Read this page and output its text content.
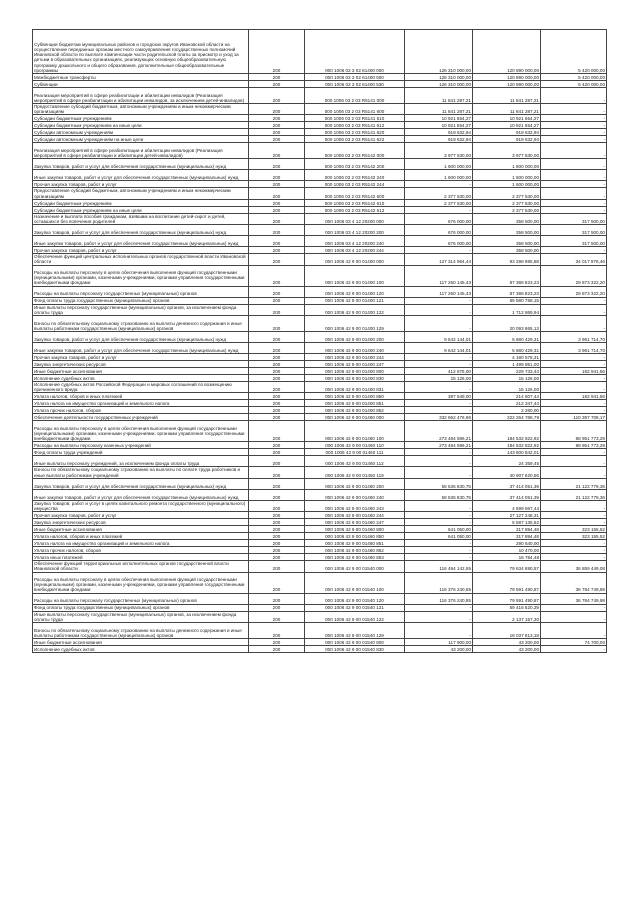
Субвенции бюджетам муниципальных районов и городских округов Ивановской области на осуществление переданных органам местного самоуправления государственных полномочий Ивановской области по выплате компенсации части родительской платы за присмотр и уход за детьми в образовательных организациях, реализующих основную общеобразовательную программу дошкольного и общего образования, дополнительные общеобразовательные программы	200	000 1006 02 3 02 61400 000	126 310 000,00	120 890 000,00	5 420 000,00
Межбюджетные трансферты	200	000 1006 02 3 02 61400 500	126 310 000,00	120 890 000,00	5 420 000,00
Субвенции	200	000 1006 02 3 02 61400 530	126 310 000,00	120 890 000,00	5 420 000,00
Реализация мероприятий в сфере реабилитации и абилитации инвалидов (Реализация мероприятий в сфере реабилитации и абилитации инвалидов, за исключением детей-инвалидов)	200	000 1006 03 2 03 R5141 000	11 841 287,21	11 841 287,21	-
Предоставление субсидий бюджетным, автономным учреждениям и иным некоммерческим организациям	200	000 1006 03 2 03 R5141 600	11 841 287,21	11 841 287,21	-
Субсидии бюджетным учреждениям	200	000 1006 03 2 03 R5141 610	10 921 654,27	10 921 654,27	-
Субсидии бюджетным учреждениям на иные цели	200	000 1006 03 2 03 R5141 612	10 921 654,27	10 921 654,27	-
Субсидии автономным учреждениям	200	000 1006 03 2 03 R5141 620	919 632,94	919 632,94	-
Субсидии автономным учреждениям на иные цели	200	000 1006 03 2 03 R5141 622	919 632,94	919 632,94	-
Реализация мероприятий в сфере реабилитации и абилитации инвалидов (Реализация мероприятий в сфере реабилитации и абилитации детей-инвалидов)	200	000 1006 03 2 03 R5142 000	3 977 530,00	3 977 530,00	-
Закупка товаров, работ и услуг для обеспечения государственных (муниципальных) нужд	200	000 1006 03 2 03 R5142 200	1 600 000,00	1 600 000,00	-
Иные закупки товаров, работ и услуг для обеспечения государственных (муниципальных) нужд	200	000 1006 03 2 03 R5142 240	1 600 000,00	1 600 000,00	-
Прочая закупка товаров, работ и услуг	200	000 1006 03 2 03 R5142 244	-	1 600 000,00	-
Предоставление субсидий бюджетным, автономным учреждениям и иным некоммерческим организациям	200	000 1006 03 2 03 R5142 600	2 377 530,00	2 377 530,00	-
Субсидии бюджетным учреждениям	200	000 1006 03 2 03 R5142 610	2 377 530,00	2 377 530,00	-
Субсидии бюджетным учреждениям на иные цели	200	000 1006 03 2 03 R5142 612	-	2 377 530,00	-
Назначение и выплата пособия гражданам, взявшим на воспитание детей-сирот и детей, оставшихся без попечения родителей	200	000 1006 03 4 12 20200 000	676 000,00	358 500,00	317 500,00
Закупка товаров, работ и услуг для обеспечения государственных (муниципальных) нужд	200	000 1006 03 4 12 20200 200	676 000,00	358 500,00	317 500,00
Иные закупки товаров, работ и услуг для обеспечения государственных (муниципальных) нужд	200	000 1006 03 4 12 20200 240	676 000,00	358 500,00	317 500,00
Прочая закупка товаров, работ и услуг	200	000 1006 03 4 12 20200 244	-	358 500,00	-
Обеспечение функций центральных исполнительных органов государственной власти Ивановской области	200	000 1006 42 9 00 01400 000	127 314 964,44	93 298 985,88	34 017 978,46
Расходы на выплаты персоналу в целях обеспечения выполнения функций государственными (муниципальными) органами, казенными учреждениями, органами управления государственными внебюджетными фондами	200	000 1006 42 9 00 01400 100	117 260 145,43	87 386 823,23	29 873 322,20
Расходы на выплаты персоналу государственных (муниципальных) органов	200	000 1006 42 9 00 01400 120	117 260 145,43	87 386 823,23	29 873 322,20
Фонд оплаты труда государственных (муниципальных) органов	200	000 1006 42 9 00 01400 121	-	65 580 788,15	-
Иные выплаты персоналу государственных (муниципальных) органов, за исключением фонда оплаты труда	200	000 1006 42 9 00 01400 122	-	1 712 869,94	-
Взносы по обязательному социальному страхованию на выплаты денежного содержания и иные выплаты работникам государственных (муниципальных) органов	200	000 1006 42 9 00 01400 129	-	20 093 865,13	-
Закупка товаров, работ и услуг для обеспечения государственных (муниципальных) нужд	200	000 1006 42 9 00 01400 200	9 642 144,01	5 680 429,31	3 961 714,70
Иные закупки товаров, работ и услуг для обеспечения государственных (муниципальных) нужд	200	000 1006 42 9 00 01400 240	9 642 144,01	5 680 429,31	3 961 714,70
Прочая закупка товаров, работ и услуг	200	000 1006 42 9 00 01400 244	-	4 180 578,31	-
Закупка энергетических ресурсов	200	000 1006 42 9 00 01400 247	-	1 499 851,00	-
Иные бюджетные ассигнования	200	000 1006 42 9 00 01400 800	412 675,00	229 733,44	182 941,56
Исполнение судебных актов	200	000 1006 42 9 00 01400 830	15 126,00	15 126,00	-
Исполнение судебных актов Российской Федерации и мировых соглашений по возмещению причиненного вреда	200	000 1006 42 9 00 01400 831	-	15 126,00	-
Уплата налогов, сборов и иных платежей	200	000 1006 42 9 00 01400 850	397 549,00	214 607,44	182 941,56
Уплата налога на имущество организаций и земельного налога	200	000 1006 42 9 00 01400 851	-	212 347,44	-
Уплата прочих налогов, сборов	200	000 1006 42 9 00 01400 852	-	2 260,00	-
Обеспечение деятельности государственных учреждений	200	000 1006 42 9 00 01460 000	332 662 476,96	222 264 768,79	110 397 708,17
Расходы на выплаты персоналу в целях обеспечения выполнения функций государственными (муниципальными) органами, казенными учреждениями, органами управления государственными внебюджетными фондами	200	000 1006 42 9 00 01460 100	273 484 596,21	184 532 822,92	88 951 773,29
Расходы на выплаты персоналу казенных учреждений	200	000 1006 42 9 00 01460 110	273 484 596,21	184 532 822,92	88 951 773,29
Фонд оплаты труда учреждений	200	000 1006 42 9 00 01460 111	-	143 600 842,01	-
Иные выплаты персоналу учреждений, за исключением фонда оплаты труда	200	000 1006 42 9 00 01460 112	-	24 359,45	-
Взносы по обязательному социальному страхованию на выплаты по оплате труда работников и иные выплаты работникам учреждений	200	000 1006 42 9 00 01460 119	-	40 907 620,56	-
Закупка товаров, работ и услуг для обеспечения государственных (муниципальных) нужд	200	000 1006 42 9 00 01460 200	58 536 830,75	37 414 051,39	21 122 779,36
Иные закупки товаров, работ и услуг для обеспечения государственных (муниципальных) нужд	200	000 1006 42 9 00 01460 240	58 536 830,75	37 414 051,39	21 122 779,36
Закупка товаров, работ и услуг в целях капитального ремонта государственного (муниципального) имущества	200	000 1006 42 9 00 01460 243	-	4 699 667,44	-
Прочая закупка товаров, работ и услуг	200	000 1006 42 9 00 01460 244	-	27 127 248,31	-
Закупка энергетических ресурсов	200	000 1006 42 9 00 01460 247	-	5 587 135,62	-
Иные бюджетные ассигнования	200	000 1006 42 9 00 01460 800	641 050,00	317 894,48	323 155,52
Уплата налогов, сборов и иных платежей	200	000 1006 42 9 00 01460 850	641 050,00	317 894,48	323 155,52
Уплата налога на имущество организаций и земельного налога	200	000 1006 42 9 00 01460 851	-	290 640,00	-
Уплата прочих налогов, сборов	200	000 1006 42 9 00 01460 852	-	10 470,00	-
Уплата иных платежей	200	000 1006 42 9 00 01460 853	-	16 784,48	-
Обеспечение функций территориальных исполнительных органов государственной власти Ивановской области	200	000 1006 42 9 00 01540 000	116 494 142,65	79 634 690,57	36 859 449,08
Расходы на выплаты персоналу в целях обеспечения выполнения функций государственными (муниципальными) органами, казенными учреждениями, органами управления государственными внебюджетными фондами	200	000 1006 42 9 00 01540 100	116 376 240,85	79 591 490,87	36 784 749,98
Расходы на выплаты персоналу государственных (муниципальных) органов	200	000 1006 42 9 00 01540 120	116 376 240,85	79 591 490,87	36 784 749,98
Фонд оплаты труда государственных (муниципальных) органов	200	000 1006 42 9 00 01540 121	-	59 416 520,39	-
Иные выплаты персоналу государственных (муниципальных) органов, за исключением фонда оплаты труда	200	000 1006 42 9 00 01540 122	-	2 137 157,30	-
Взносы по обязательному социальному страхованию на выплаты денежного содержания и иные выплаты работникам государственных (муниципальных) органов	200	000 1006 42 9 00 01540 129	-	18 037 813,18	-
Иные бюджетные ассигнования	200	000 1006 42 9 00 01540 800	117 900,00	43 200,00	74 700,00
Исполнение судебных актов	200	000 1006 42 9 00 01540 830	43 200,00	43 200,00	-
